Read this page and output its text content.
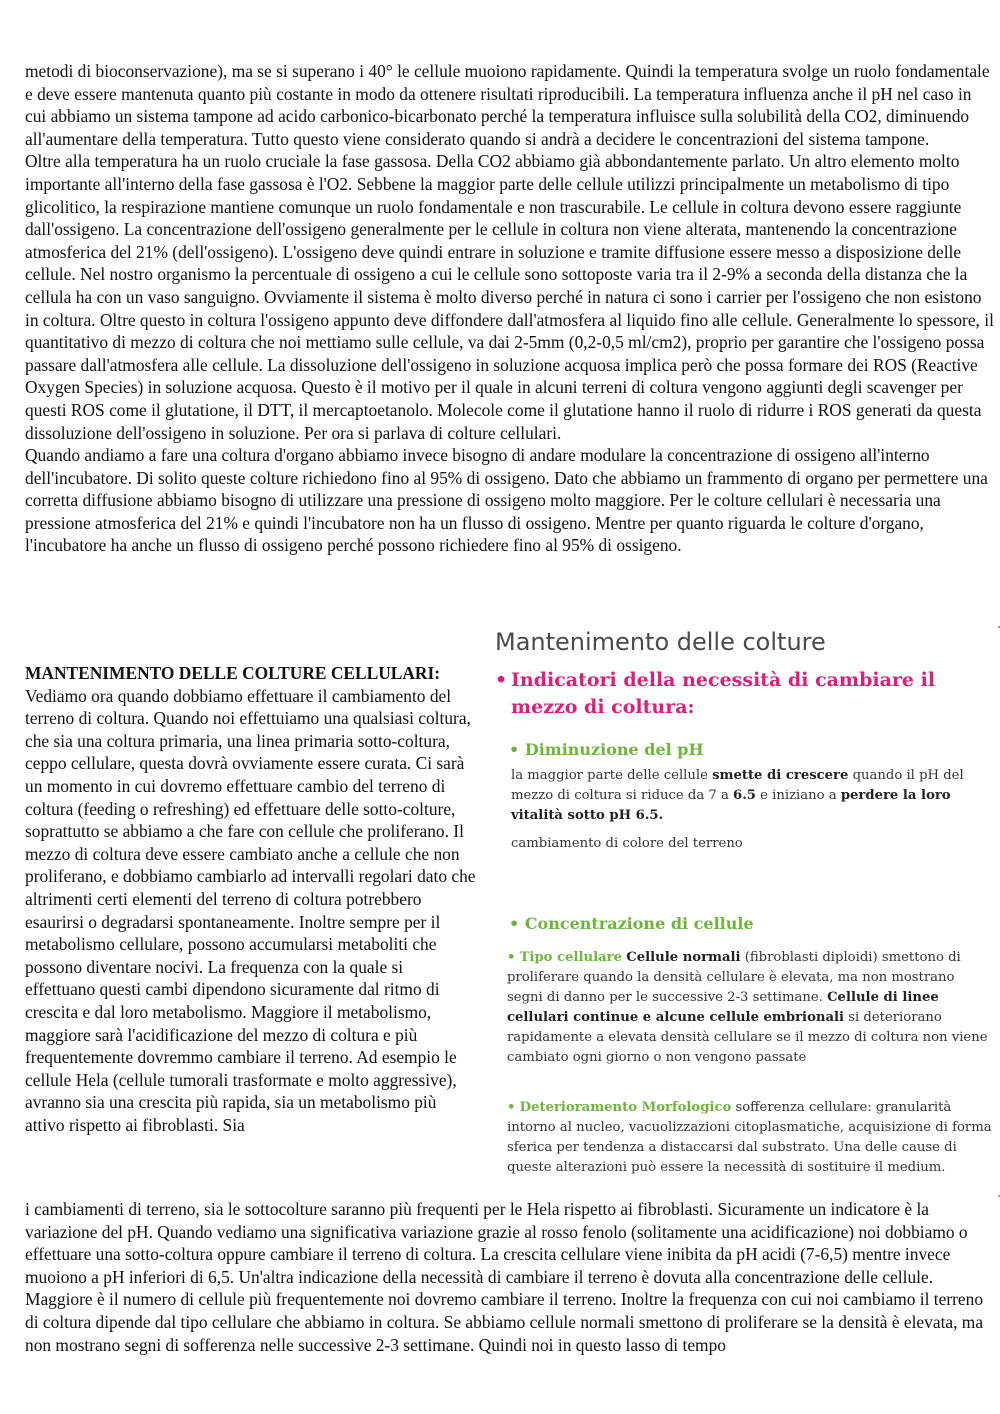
metodi di bioconservazione), ma se si superano i 40° le cellule muoiono rapidamente. Quindi la temperatura svolge un ruolo fondamentale e deve essere mantenuta quanto più costante in modo da ottenere risultati riproducibili. La temperatura influenza anche il pH nel caso in cui abbiamo un sistema tampone ad acido carbonico-bicarbonato perché la temperatura influisce sulla solubilità della CO2, diminuendo all'aumentare della temperatura. Tutto questo viene considerato quando si andrà a decidere le concentrazioni del sistema tampone.

Oltre alla temperatura ha un ruolo cruciale la fase gassosa. Della CO2 abbiamo già abbondantemente parlato. Un altro elemento molto importante all'interno della fase gassosa è l'O2. Sebbene la maggior parte delle cellule utilizzi principalmente un metabolismo di tipo glicolitico, la respirazione mantiene comunque un ruolo fondamentale e non trascurabile. Le cellule in coltura devono essere raggiunte dall'ossigeno. La concentrazione dell'ossigeno generalmente per le cellule in coltura non viene alterata, mantenendo la concentrazione atmosferica del 21% (dell'ossigeno). L'ossigeno deve quindi entrare in soluzione e tramite diffusione essere messo a disposizione delle cellule. Nel nostro organismo la percentuale di ossigeno a cui le cellule sono sottoposte varia tra il 2-9% a seconda della distanza che la cellula ha con un vaso sanguigno. Ovviamente il sistema è molto diverso perché in natura ci sono i carrier per l'ossigeno che non esistono in coltura. Oltre questo in coltura l'ossigeno appunto deve diffondere dall'atmosfera al liquido fino alle cellule. Generalmente lo spessore, il quantitativo di mezzo di coltura che noi mettiamo sulle cellule, va dai 2-5mm (0,2-0,5 ml/cm2), proprio per garantire che l'ossigeno possa passare dall'atmosfera alle cellule. La dissoluzione dell'ossigeno in soluzione acquosa implica però che possa formare dei ROS (Reactive Oxygen Species) in soluzione acquosa. Questo è il motivo per il quale in alcuni terreni di coltura vengono aggiunti degli scavenger per questi ROS come il glutatione, il DTT, il mercaptoetanolo. Molecole come il glutatione hanno il ruolo di ridurre i ROS generati da questa dissoluzione dell'ossigeno in soluzione. Per ora si parlava di colture cellulari.

Quando andiamo a fare una coltura d'organo abbiamo invece bisogno di andare modulare la concentrazione di ossigeno all'interno dell'incubatore. Di solito queste colture richiedono fino al 95% di ossigeno. Dato che abbiamo un frammento di organo per permettere una corretta diffusione abbiamo bisogno di utilizzare una pressione di ossigeno molto maggiore. Per le colture cellulari è necessaria una pressione atmosferica del 21% e quindi l'incubatore non ha un flusso di ossigeno. Mentre per quanto riguarda le colture d'organo, l'incubatore ha anche un flusso di ossigeno perché possono richiedere fino al 95% di ossigeno.

MANTENIMENTO DELLE COLTURE CELLULARI:

Vediamo ora quando dobbiamo effettuare il cambiamento del terreno di coltura. Quando noi effettuiamo una qualsiasi coltura, che sia una coltura primaria, una linea primaria sotto-coltura, ceppo cellulare, questa dovrà ovviamente essere curata. Ci sarà un momento in cui dovremo effettuare cambio del terreno di coltura (feeding o refreshing) ed effettuare delle sotto-colture, soprattutto se abbiamo a che fare con cellule che proliferano. Il mezzo di coltura deve essere cambiato anche a cellule che non proliferano, e dobbiamo cambiarlo ad intervalli regolari dato che altrimenti certi elementi del terreno di coltura potrebbero esaurirsi o degradarsi spontaneamente. Inoltre sempre per il metabolismo cellulare, possono accumularsi metaboliti che possono diventare nocivi. La frequenza con la quale si effettuano questi cambi dipendono sicuramente dal ritmo di crescita e dal loro metabolismo. Maggiore il metabolismo, maggiore sarà l'acidificazione del mezzo di coltura e più frequentemente dovremmo cambiare il terreno. Ad esempio le cellule Hela (cellule tumorali trasformate e molto aggressive), avranno sia una crescita più rapida, sia un metabolismo più attivo rispetto ai fibroblasti. Sia

Mantenimento delle colture

• Indicatori della necessità di cambiare il mezzo di coltura:
• Diminuzione del pH
la maggior parte delle cellule smette di crescere quando il pH del mezzo di coltura si riduce da 7 a 6.5 e iniziano a perdere la loro vitalità sotto pH 6.5.
cambiamento di colore del terreno
• Concentrazione di cellule
• Tipo cellulare Cellule normali (fibroblasti diploidi) smettono di proliferare quando la densità cellulare è elevata, ma non mostrano segni di danno per le successive 2-3 settimane. Cellule di linee cellulari continue e alcune cellule embrionali si deteriorano rapidamente a elevata densità cellulare se il mezzo di coltura non viene cambiato ogni giorno o non vengono passate
• Deterioramento Morfologico sofferenza cellulare: granularità intorno al nucleo, vacuolizzazioni citoplasmatiche, acquisizione di forma sferica per tendenza a distaccarsi dal substrato. Una delle cause di queste alterazioni può essere la necessità di sostituire il medium.

i cambiamenti di terreno, sia le sottocolture saranno più frequenti per le Hela rispetto ai fibroblasti. Sicuramente un indicatore è la variazione del pH. Quando vediamo una significativa variazione grazie al rosso fenolo (solitamente una acidificazione) noi dobbiamo o effettuare una sotto-coltura oppure cambiare il terreno di coltura. La crescita cellulare viene inibita da pH acidi (7-6,5) mentre invece muoiono a pH inferiori di 6,5. Un'altra indicazione della necessità di cambiare il terreno è dovuta alla concentrazione delle cellule. Maggiore è il numero di cellule più frequentemente noi dovremo cambiare il terreno. Inoltre la frequenza con cui noi cambiamo il terreno di coltura dipende dal tipo cellulare che abbiamo in coltura. Se abbiamo cellule normali smettono di proliferare se la densità è elevata, ma non mostrano segni di sofferenza nelle successive 2-3 settimane. Quindi noi in questo lasso di tempo
